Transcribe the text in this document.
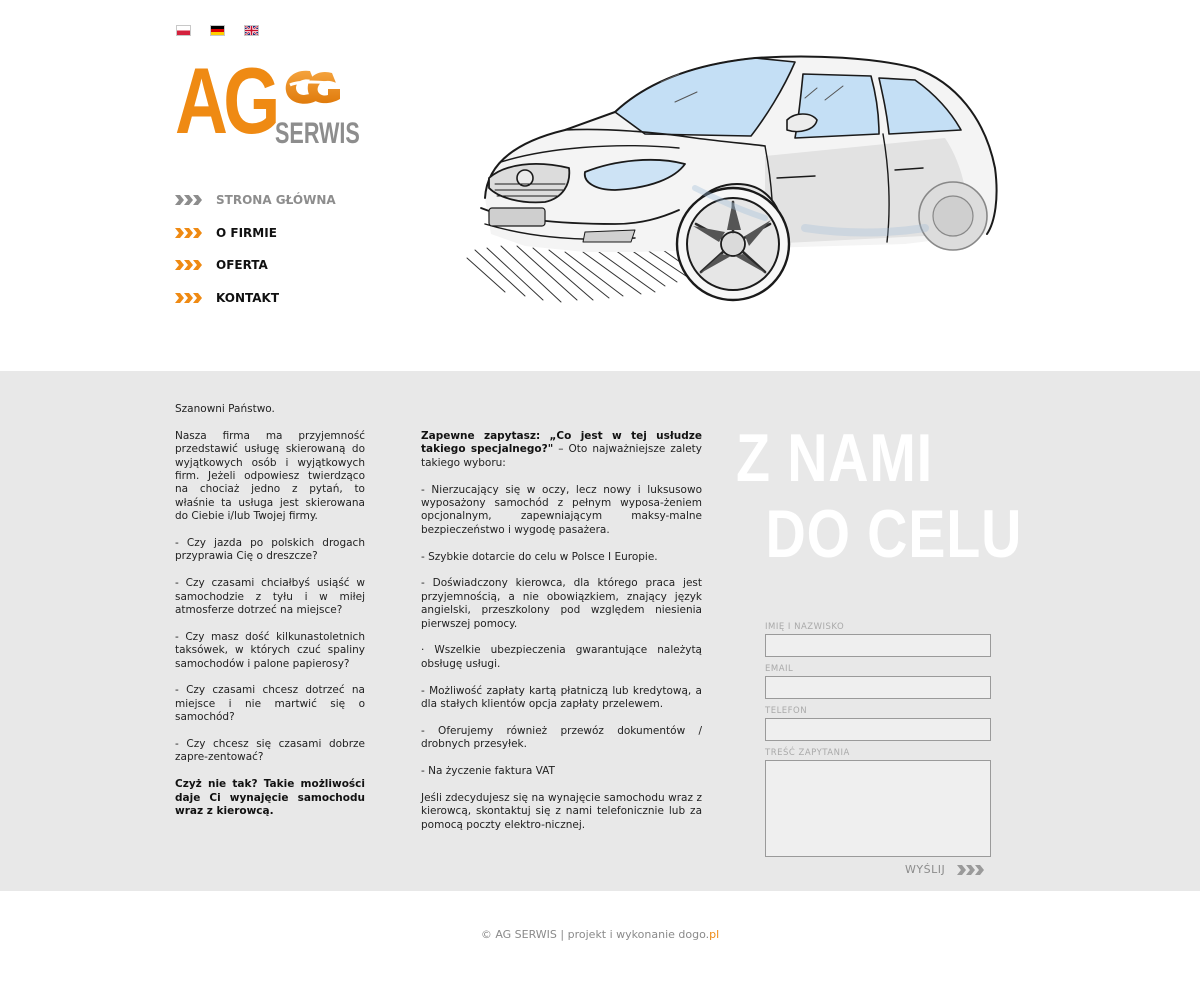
AG SERWIS
STRONA GŁÓWNA
O FIRMIE
OFERTA
KONTAKT

Szanowni Państwo.

Nasza firma ma przyjemność przedstawić usługę skierowaną do wyjątkowych osób i wyjątkowych firm. Jeżeli odpowiesz twierdząco na chociaż jedno z pytań, to właśnie ta usługa jest skierowana do Ciebie i/lub Twojej firmy.

- Czy jazda po polskich drogach przyprawia Cię o dreszcze?

- Czy czasami chciałbyś usiąść w samochodzie z tyłu i w miłej atmosferze dotrzeć na miejsce?

- Czy masz dość kilkunastoletnich taksówek, w których czuć spaliny samochodów i palone papierosy?

- Czy czasami chcesz dotrzeć na miejsce i nie martwić się o samochód?

- Czy chcesz się czasami dobrze zapre-zentować?

Czyż nie tak? Takie możliwości daje Ci wynajęcie samochodu wraz z kierowcą.

Zapewne zapytasz: „Co jest w tej usłudze takiego specjalnego?" – Oto najważniejsze zalety takiego wyboru:

- Nierzucający się w oczy, lecz nowy i luksusowo wyposażony samochód z pełnym wyposa-żeniem opcjonalnym, zapewniającym maksy-malne bezpieczeństwo i wygodę pasażera.

- Szybkie dotarcie do celu w Polsce I Europie.

- Doświadczony kierowca, dla którego praca jest przyjemnością, a nie obowiązkiem, znający język angielski, przeszkolony pod względem niesienia pierwszej pomocy.

· Wszelkie ubezpieczenia gwarantujące należytą obsługę usługi.

- Możliwość zapłaty kartą płatniczą lub kredytową, a dla stałych klientów opcja zapłaty przelewem.

- Oferujemy również przewóz dokumentów / drobnych przesyłek.

- Na życzenie faktura VAT

Jeśli zdecydujesz się na wynajęcie samochodu wraz z kierowcą, skontaktuj się z nami telefonicznie lub za pomocą poczty elektro-nicznej.

Z NAMI
DO CELU
IMIĘ I NAZWISKO
EMAIL
TELEFON
TREŚĆ ZAPYTANIA
WYŚLIJ
© AG SERWIS | projekt i wykonanie dogo.pl
